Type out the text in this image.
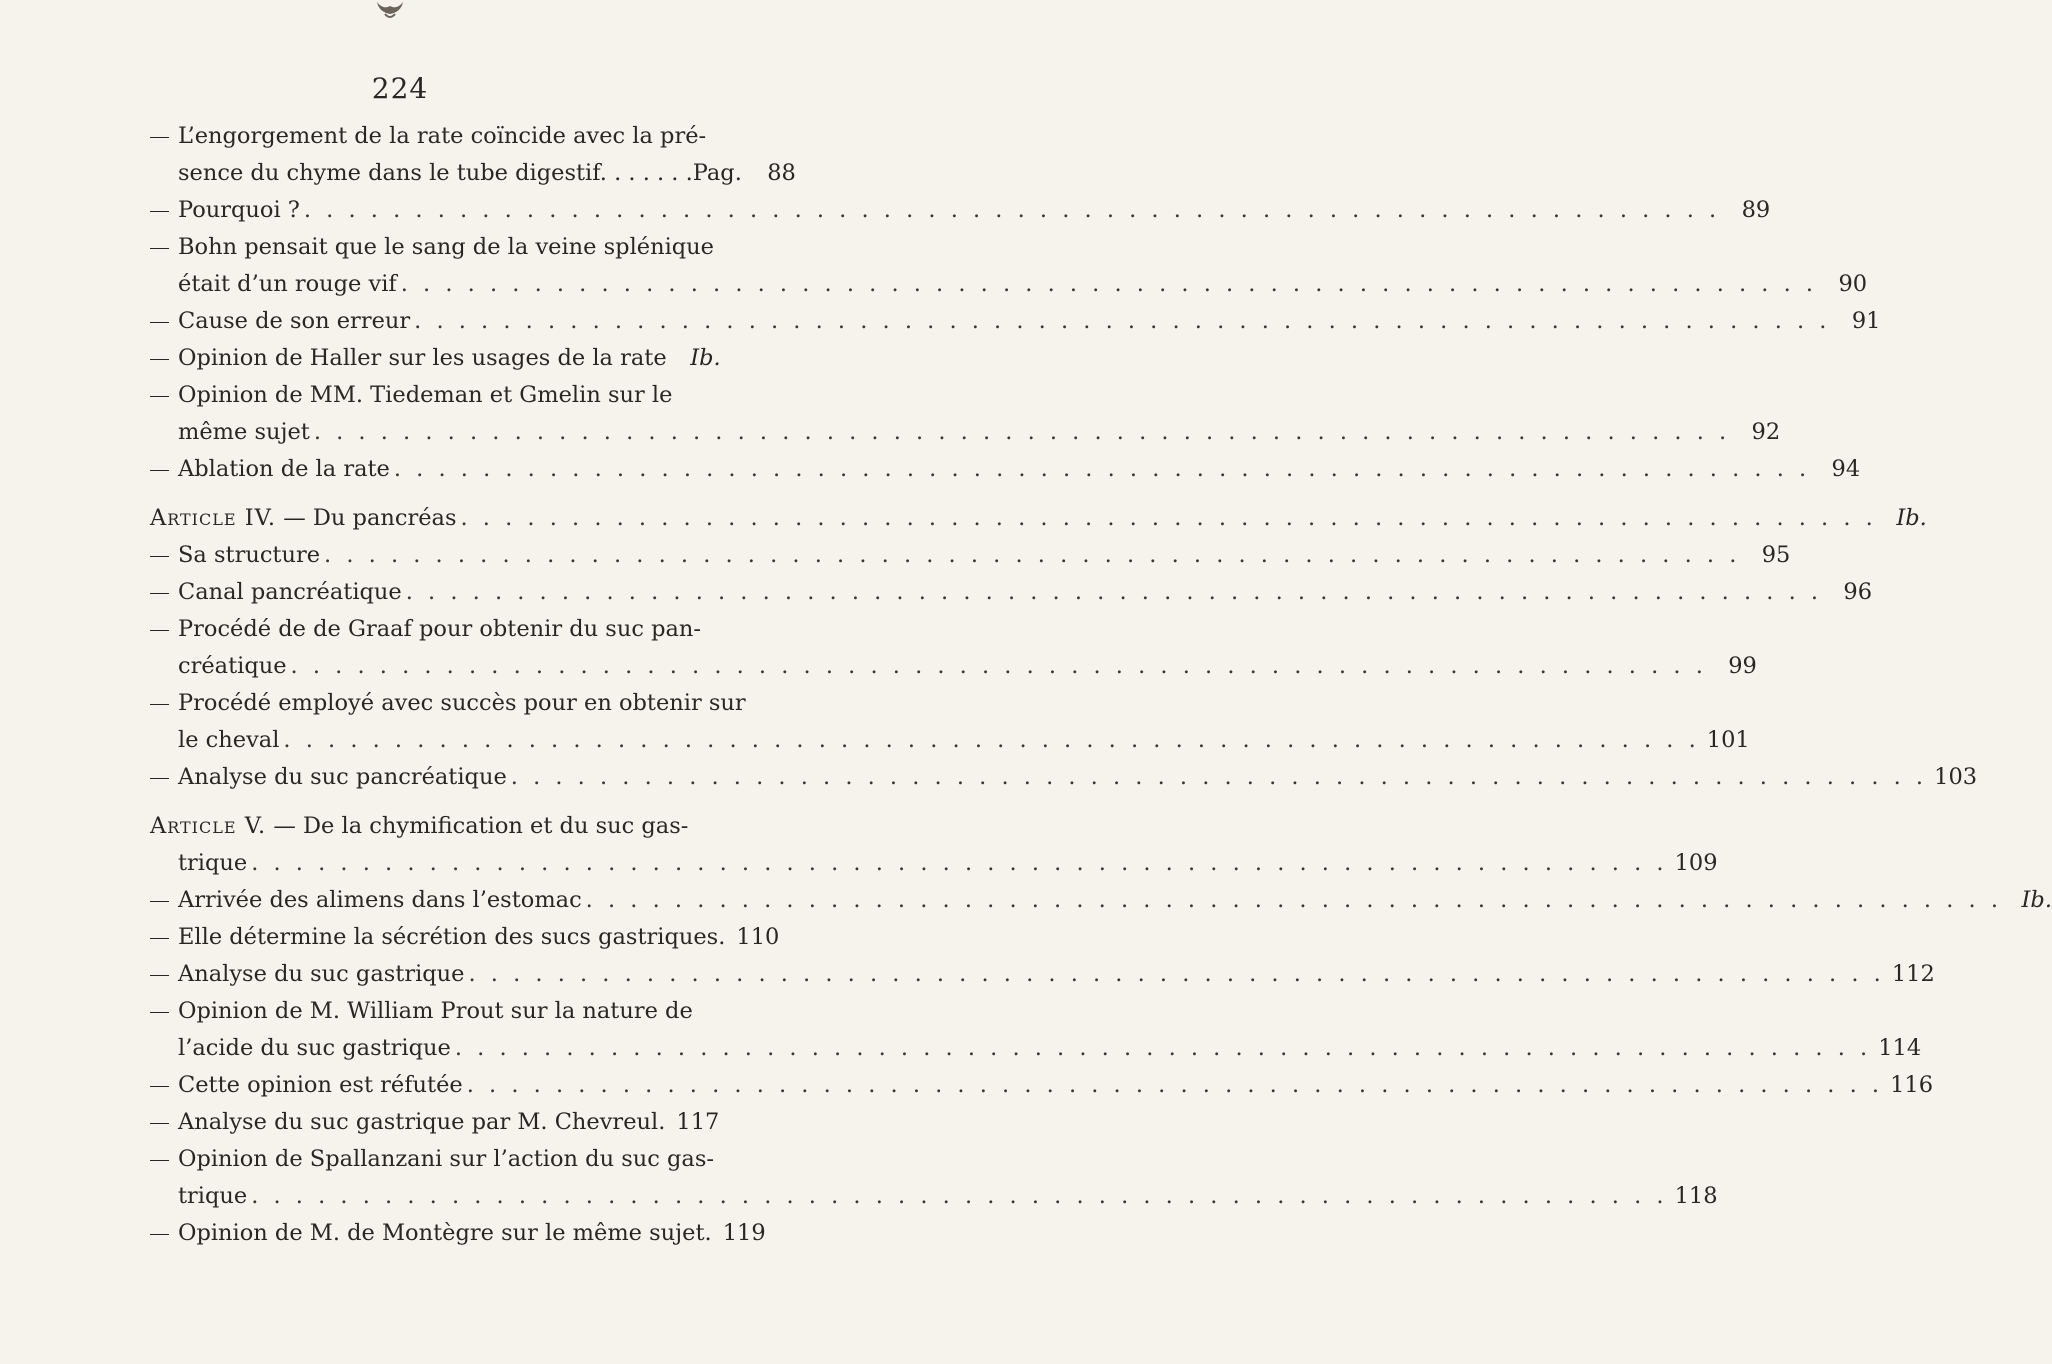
224
L’engorgement de la rate coïncide avec la pré-
sence du chyme dans le tube digestif. . . . . . .Pag.	88
Pourquoi ? . . . . . . . . . . . . . . . . . . . . . . . . . . . . . . . . . . . . . . . . . . . . . . . . . . . . . . . . . . . . . . . . 89
Bohn pensait que le sang de la veine splénique
était d’un rouge vif . . . . . . . . . . . . . . . . . . . . . . . . . . . . . . . . . . . . . . . . . . . . . . . . . . . . . . . . . . . . . . . . 90
Cause de son erreur . . . . . . . . . . . . . . . . . . . . . . . . . . . . . . . . . . . . . . . . . . . . . . . . . . . . . . . . . . . . . . . . 91
Opinion de Haller sur les usages de la rate	Ib.
Opinion de MM. Tiedeman et Gmelin sur le
même sujet . . . . . . . . . . . . . . . . . . . . . . . . . . . . . . . . . . . . . . . . . . . . . . . . . . . . . . . . . . . . . . . . 92
Ablation de la rate . . . . . . . . . . . . . . . . . . . . . . . . . . . . . . . . . . . . . . . . . . . . . . . . . . . . . . . . . . . . . . . . 94
Article IV. — Du pancréas . . . . . . . . . . . . . . . . . . . . . . . . . . . . . . . . . . . . . . . . . . . . . . . . . . . . . . . . . . . . . . . . Ib.
Sa structure . . . . . . . . . . . . . . . . . . . . . . . . . . . . . . . . . . . . . . . . . . . . . . . . . . . . . . . . . . . . . . . . 95
Canal pancréatique . . . . . . . . . . . . . . . . . . . . . . . . . . . . . . . . . . . . . . . . . . . . . . . . . . . . . . . . . . . . . . . . 96
Procédé de de Graaf pour obtenir du suc pan-
créatique . . . . . . . . . . . . . . . . . . . . . . . . . . . . . . . . . . . . . . . . . . . . . . . . . . . . . . . . . . . . . . . . 99
Procédé employé avec succès pour en obtenir sur
le cheval . . . . . . . . . . . . . . . . . . . . . . . . . . . . . . . . . . . . . . . . . . . . . . . . . . . . . . . . . . . . . . . . 101
Analyse du suc pancréatique . . . . . . . . . . . . . . . . . . . . . . . . . . . . . . . . . . . . . . . . . . . . . . . . . . . . . . . . . . . . . . . . 103
Article V. — De la chymification et du suc gas-
trique . . . . . . . . . . . . . . . . . . . . . . . . . . . . . . . . . . . . . . . . . . . . . . . . . . . . . . . . . . . . . . . . 109
Arrivée des alimens dans l’estomac . . . . . . . . . . . . . . . . . . . . . . . . . . . . . . . . . . . . . . . . . . . . . . . . . . . . . . . . . . . . . . . . Ib.
Elle détermine la sécrétion des sucs gastriques. 110
Analyse du suc gastrique . . . . . . . . . . . . . . . . . . . . . . . . . . . . . . . . . . . . . . . . . . . . . . . . . . . . . . . . . . . . . . . . 112
Opinion de M. William Prout sur la nature de
l’acide du suc gastrique . . . . . . . . . . . . . . . . . . . . . . . . . . . . . . . . . . . . . . . . . . . . . . . . . . . . . . . . . . . . . . . . 114
Cette opinion est réfutée . . . . . . . . . . . . . . . . . . . . . . . . . . . . . . . . . . . . . . . . . . . . . . . . . . . . . . . . . . . . . . . . 116
Analyse du suc gastrique par M. Chevreul. 117
Opinion de Spallanzani sur l’action du suc gas-
trique . . . . . . . . . . . . . . . . . . . . . . . . . . . . . . . . . . . . . . . . . . . . . . . . . . . . . . . . . . . . . . . . 118
Opinion de M. de Montègre sur le même sujet. 119
